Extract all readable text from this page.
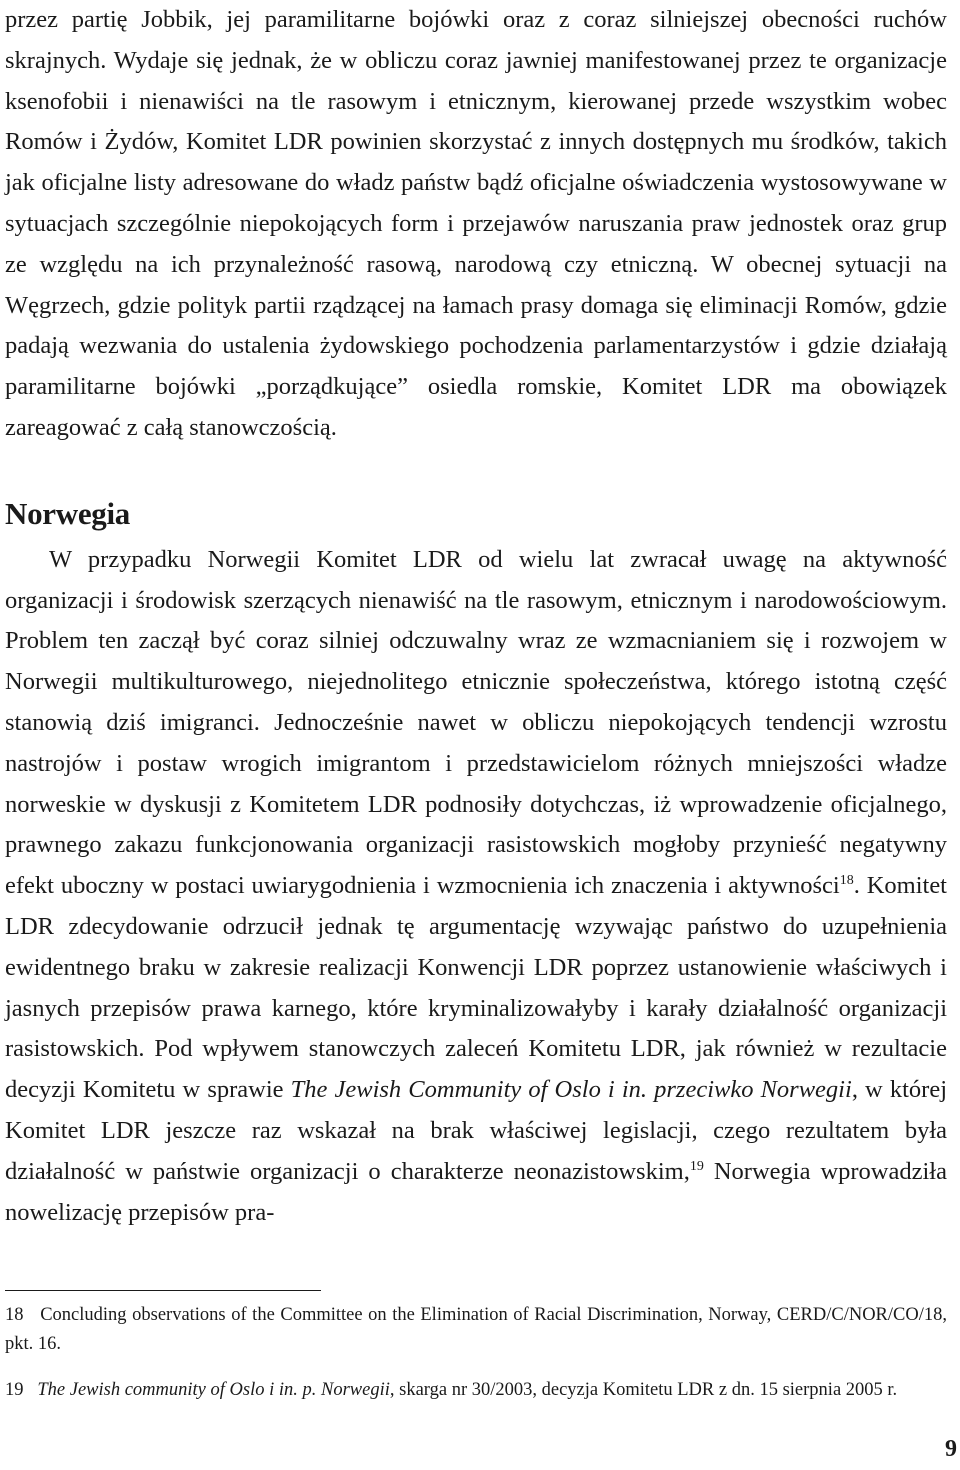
przez partię Jobbik, jej paramilitarne bojówki oraz z coraz silniejszej obecności ruchów skrajnych. Wydaje się jednak, że w obliczu coraz jawniej manifestowanej przez te organizacje ksenofobii i nienawiści na tle rasowym i etnicznym, kierowanej przede wszystkim wobec Romów i Żydów, Komitet LDR powinien skorzystać z innych dostępnych mu środków, takich jak oficjalne listy adresowane do władz państw bądź oficjalne oświadczenia wystosowywane w sytuacjach szczególnie niepokojących form i przejawów naruszania praw jednostek oraz grup ze względu na ich przynależność rasową, narodową czy etniczną. W obecnej sytuacji na Węgrzech, gdzie polityk partii rządzącej na łamach prasy domaga się eliminacji Romów, gdzie padają wezwania do ustalenia żydowskiego pochodzenia parlamentarzystów i gdzie działają paramilitarne bojówki „porządkujące” osiedla romskie, Komitet LDR ma obowiązek zareagować z całą stanowczością.

Norwegia

W przypadku Norwegii Komitet LDR od wielu lat zwracał uwagę na aktywność organizacji i środowisk szerzących nienawiść na tle rasowym, etnicznym i narodowościowym. Problem ten zaczął być coraz silniej odczuwalny wraz ze wzmacnianiem się i rozwojem w Norwegii multikulturowego, niejednolitego etnicznie społeczeństwa, którego istotną część stanowią dziś imigranci. Jednocześnie nawet w obliczu niepokojących tendencji wzrostu nastrojów i postaw wrogich imigrantom i przedstawicielom różnych mniejszości władze norweskie w dyskusji z Komitetem LDR podnosiły dotychczas, iż wprowadzenie oficjalnego, prawnego zakazu funkcjonowania organizacji rasistowskich mogłoby przynieść negatywny efekt uboczny w postaci uwiarygodnienia i wzmocnienia ich znaczenia i aktywności$^{18}$. Komitet LDR zdecydowanie odrzucił jednak tę argumentację wzywając państwo do uzupełnienia ewidentnego braku w zakresie realizacji Konwencji LDR poprzez ustanowienie właściwych i jasnych przepisów prawa karnego, które kryminalizowałyby i karały działalność organizacji rasistowskich. Pod wpływem stanowczych zaleceń Komitetu LDR, jak również w rezultacie decyzji Komitetu w sprawie The Jewish Community of Oslo i in. przeciwko Norwegii, w której Komitet LDR jeszcze raz wskazał na brak właściwej legislacji, czego rezultatem była działalność w państwie organizacji o charakterze neonazistowskim,$^{19}$ Norwegia wprowadziła nowelizację przepisów pra-

18 Concluding observations of the Committee on the Elimination of Racial Discrimination, Norway, CERD/C/NOR/CO/18, pkt. 16.

19 The Jewish community of Oslo i in. p. Norwegii, skarga nr 30/2003, decyzja Komitetu LDR z dn. 15 sierpnia 2005 r.

9
